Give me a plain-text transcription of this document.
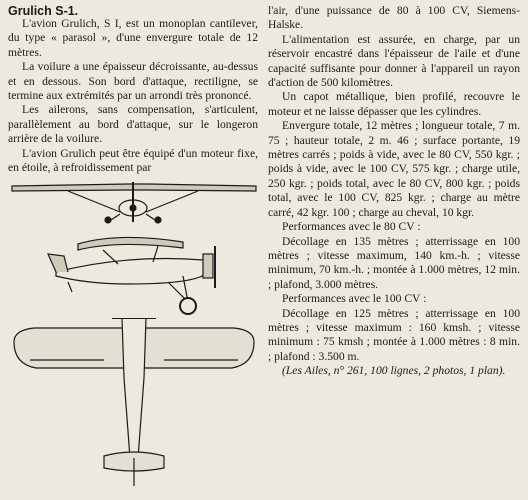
Grulich S-1.

L'avion Grulich, S I, est un monoplan cantilever, du type « parasol », d'une envergure totale de 12 mètres.

La voilure a une épaisseur décroissante, au-dessus et en dessous. Son bord d'attaque, rectiligne, se termine aux extrémités par un arrondi très prononcé.

Les ailerons, sans compensation, s'articulent, parallèlement au bord d'attaque, sur le longeron arrière de la voilure.

L'avion Grulich peut être équipé d'un moteur fixe, en étoile, à refroidissement par

l'air, d'une puissance de 80 à 100 CV, Siemens-Halske.

L'alimentation est assurée, en charge, par un réservoir encastré dans l'épaisseur de l'aile et d'une capacité suffisante pour donner à l'appareil un rayon d'action de 500 kilomètres.

Un capot métallique, bien profilé, recouvre le moteur et ne laisse dépasser que les cylindres.

Envergure totale, 12 mètres ; longueur totale, 7 m. 75 ; hauteur totale, 2 m. 46 ; surface portante, 19 mètres carrés ; poids à vide, avec le 80 CV, 550 kgr. ; poids à vide, avec le 100 CV, 575 kgr. ; charge utile, 250 kgr. ; poids total, avec le 80 CV, 800 kgr. ; poids total, avec le 100 CV, 825 kgr. ; charge au mètre carré, 42 kgr. 100 ; charge au cheval, 10 kgr.

Performances avec le 80 CV :

Décollage en 135 mètres ; atterrissage en 100 mètres ; vitesse maximum, 140 km.-h. ; vitesse minimum, 70 km.-h. ; montée à 1.000 mètres, 12 min. ; plafond, 3.000 mètres.

Performances avec le 100 CV :

Décollage en 125 mètres ; atterrissage en 100 mètres ; vitesse maximum : 160 kmsh. ; vitesse minimum : 75 kmsh ; montée à 1.000 mètres : 8 min. ; plafond : 3.500 m.

(Les Ailes, n° 261, 100 lignes, 2 photos, 1 plan).
